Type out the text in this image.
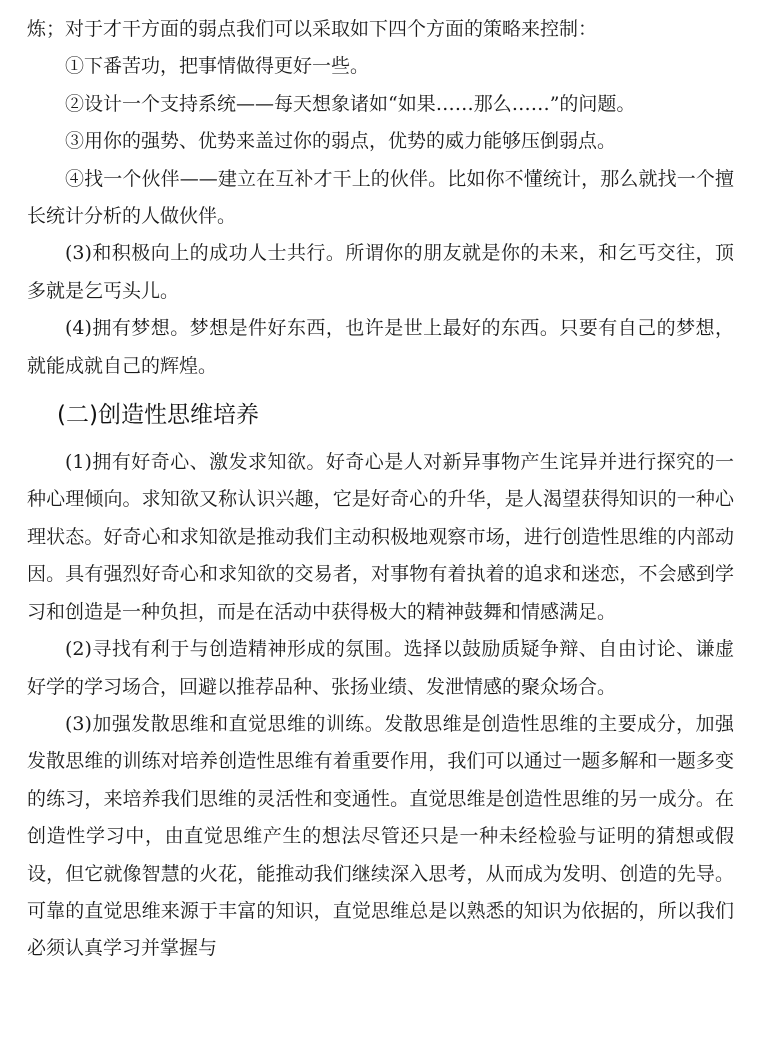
炼；对于才干方面的弱点我们可以采取如下四个方面的策略来控制：

①下番苦功，把事情做得更好一些。

②设计一个支持系统——每天想象诸如“如果……那么……”的问题。

③用你的强势、优势来盖过你的弱点，优势的威力能够压倒弱点。

④找一个伙伴——建立在互补才干上的伙伴。比如你不懂统计，那么就找一个擅长统计分析的人做伙伴。

(3)和积极向上的成功人士共行。所谓你的朋友就是你的未来，和乞丐交往，顶多就是乞丐头儿。

(4)拥有梦想。梦想是件好东西，也许是世上最好的东西。只要有自己的梦想，就能成就自己的辉煌。

(二)创造性思维培养

(1)拥有好奇心、激发求知欲。好奇心是人对新异事物产生诧异并进行探究的一种心理倾向。求知欲又称认识兴趣，它是好奇心的升华，是人渴望获得知识的一种心理状态。好奇心和求知欲是推动我们主动积极地观察市场，进行创造性思维的内部动因。具有强烈好奇心和求知欲的交易者，对事物有着执着的追求和迷恋，不会感到学习和创造是一种负担，而是在活动中获得极大的精神鼓舞和情感满足。

(2)寻找有利于与创造精神形成的氛围。选择以鼓励质疑争辩、自由讨论、谦虚好学的学习场合，回避以推荐品种、张扬业绩、发泄情感的聚众场合。

(3)加强发散思维和直觉思维的训练。发散思维是创造性思维的主要成分，加强发散思维的训练对培养创造性思维有着重要作用，我们可以通过一题多解和一题多变的练习，来培养我们思维的灵活性和变通性。直觉思维是创造性思维的另一成分。在创造性学习中，由直觉思维产生的想法尽管还只是一种未经检验与证明的猜想或假设，但它就像智慧的火花，能推动我们继续深入思考，从而成为发明、创造的先导。可靠的直觉思维来源于丰富的知识，直觉思维总是以熟悉的知识为依据的，所以我们必须认真学习并掌握与
